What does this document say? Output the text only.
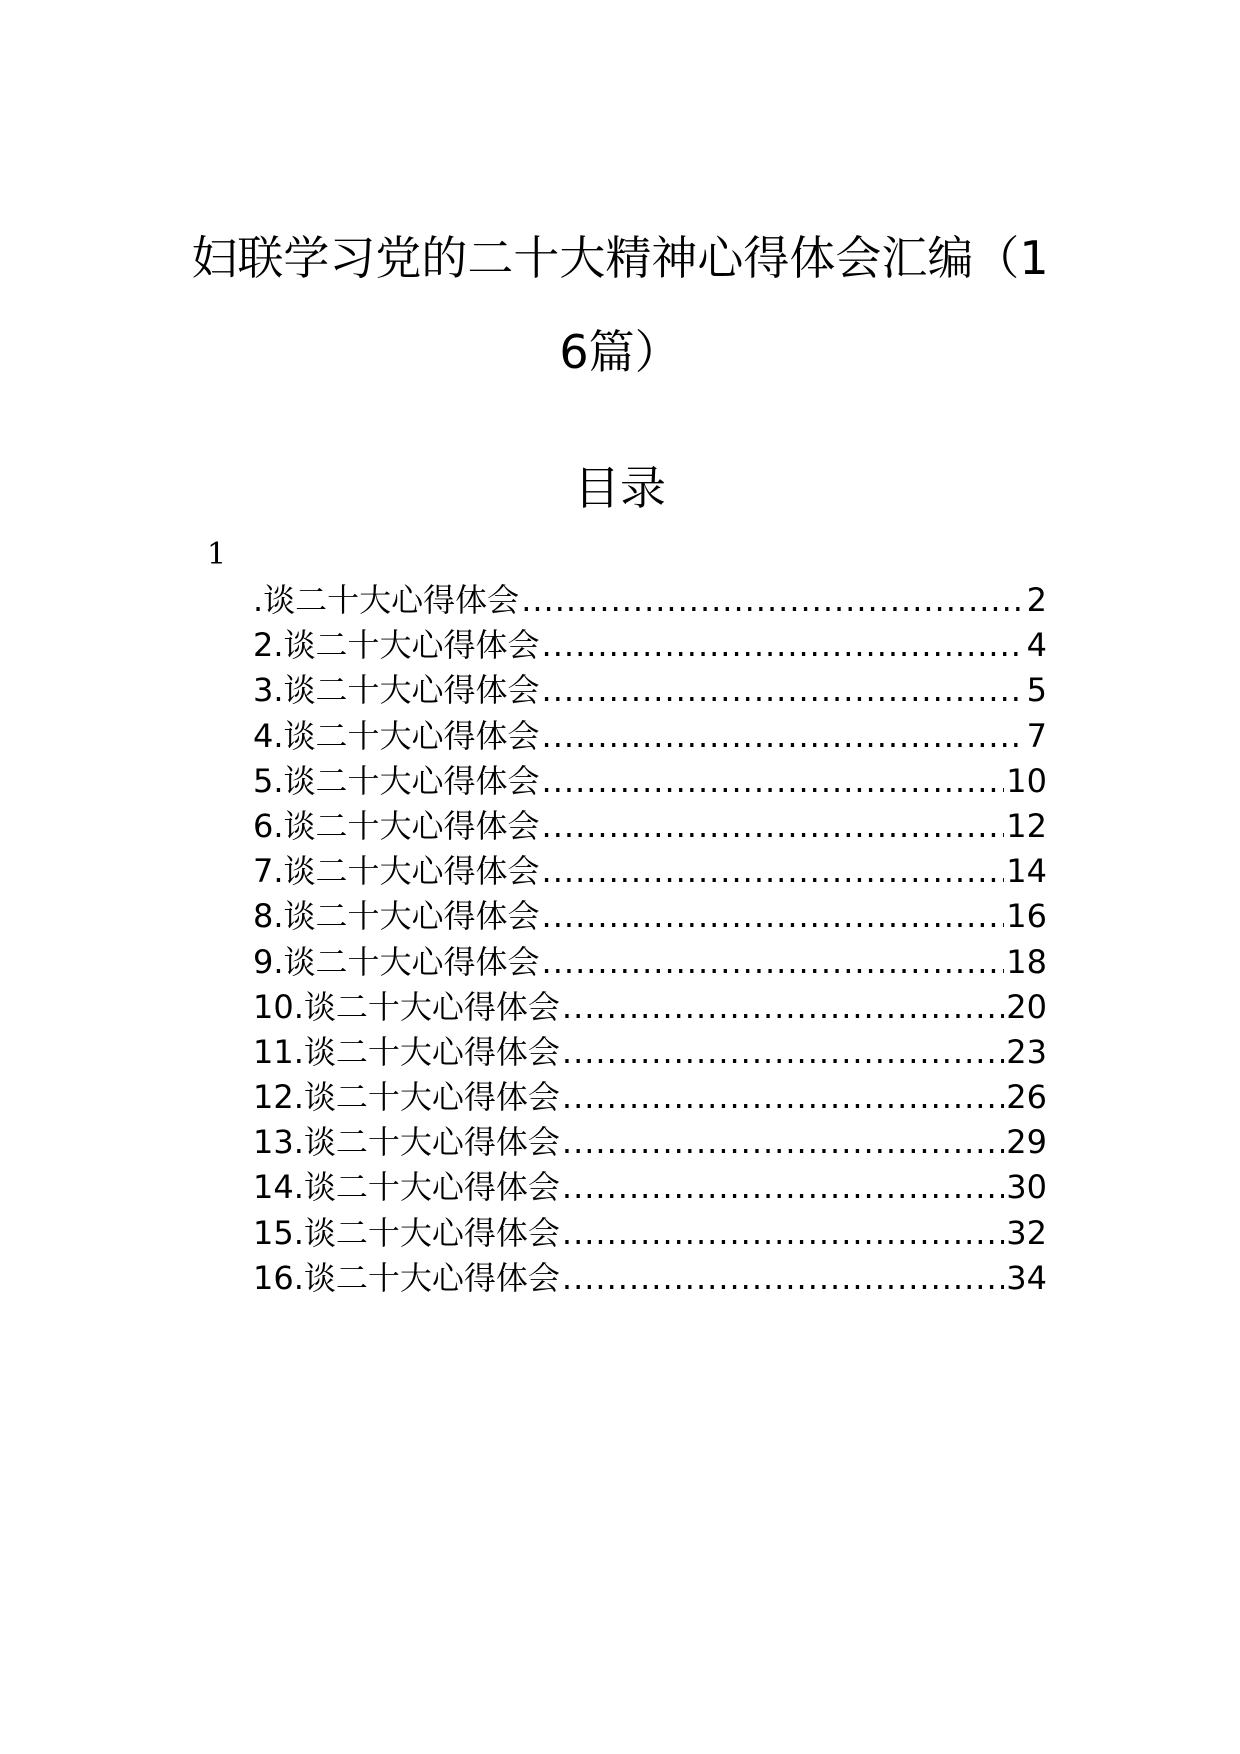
妇联学习党的二十大精神心得体会汇编（1
6篇）
目录
1
.谈二十大心得体会 .....	2
2.谈二十大心得体会 .....	4
3.谈二十大心得体会 .....	5
4.谈二十大心得体会 .....	7
5.谈二十大心得体会 .....	10
6.谈二十大心得体会 .....	12
7.谈二十大心得体会 .....	14
8.谈二十大心得体会 .....	16
9.谈二十大心得体会 .....	18
10.谈二十大心得体会 .....	20
11.谈二十大心得体会 .....	23
12.谈二十大心得体会 .....	26
13.谈二十大心得体会 .....	29
14.谈二十大心得体会 .....	30
15.谈二十大心得体会 .....	32
16.谈二十大心得体会 .....	34
